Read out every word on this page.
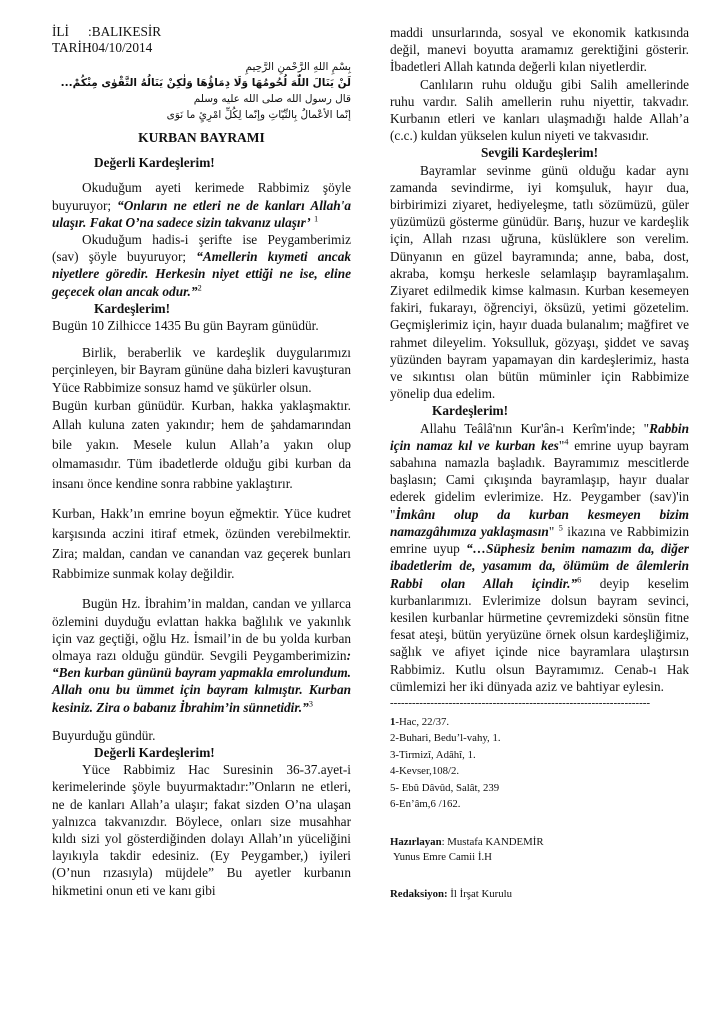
İLİ :BALIKESİR
TARİH:04/10/2014

بِسْمِ اللهِ الرَّحْمنِ الرَّحِيمِ

لَنْ يَنَالَ اللّٰهَ لُحُومُهَا وَلَا دِمَاؤُهَا وَلٰكِنْ يَنَالُهُ التَّقْوٰى مِنْكُمْ...

قال رسول الله صلى الله عليه وسلم

إنّما الأعْمالُ بِالنِّيّاتِ وإنّما لِكُلِّ امْرِئٍ ما نَوَى

KURBAN BAYRAMI

Değerli Kardeşlerim!

Okuduğum ayeti kerimede Rabbimiz şöyle buyuruyor; “Onların ne etleri ne de kanları Allah'a ulaşır. Fakat O’na sadece sizin takvanız ulaşır’ $^1$

Okuduğum hadis-i şerifte ise Peygamberimiz (sav) şöyle buyuruyor; “Amellerin kıymeti ancak niyetlere göredir. Herkesin niyet ettiği ne ise, eline geçecek olan ancak odur.”$^2$

Kardeşlerim!

Bugün 10 Zilhicce 1435 Bu gün Bayram günüdür.

Birlik, beraberlik ve kardeşlik duygularımızı perçinleyen, bir Bayram gününe daha bizleri kavuşturan Yüce Rabbimize sonsuz hamd ve şükürler olsun.

Bugün kurban günüdür. Kurban, hakka yaklaşmaktır. Allah kuluna zaten yakındır; hem de şahdamarından bile yakın. Mesele kulun Allah’a yakın olup olmamasıdır. Tüm ibadetlerde olduğu gibi kurban da insanı önce kendine sonra rabbine yaklaştırır.

Kurban, Hakk’ın emrine boyun eğmektir. Yüce kudret karşısında aczini itiraf etmek, özünden verebilmektir. Zira; maldan, candan ve canandan vaz geçerek bunları Rabbimize sunmak kolay değildir.

Bugün Hz. İbrahim’in maldan, candan ve yıllarca özlemini duyduğu evlattan hakka bağlılık ve yakınlık için vaz geçtiği, oğlu Hz. İsmail’in de bu yolda kurban olmaya razı olduğu gündür. Sevgili Peygamberimizin: “Ben kurban gününü bayram yapmakla emrolundum. Allah onu bu ümmet için bayram kılmıştır. Kurban kesiniz. Zira o babanız İbrahim’in sünnetidir.”$^3$

Buyurduğu gündür.

Değerli Kardeşlerim!

Yüce Rabbimiz Hac Suresinin 36-37.ayet-i kerimelerinde şöyle buyurmaktadır:”Onların ne etleri, ne de kanları Allah’a ulaşır; fakat sizden O’na ulaşan yalnızca takvanızdır. Böylece, onları size musahhar kıldı sizi yol gösterdiğinden dolayı Allah’ın yüceliğini layıkıyla takdir edesiniz. (Ey Peygamber,) iyileri (O’nun rızasıyla) müjdele” Bu ayetler kurbanın hikmetini onun eti ve kanı gibi

maddi unsurlarında, sosyal ve ekonomik katkısında değil, manevi boyutta aramamız gerektiğini gösterir. İbadetleri Allah katında değerli kılan niyetlerdir.

Canlıların ruhu olduğu gibi Salih amellerinde ruhu vardır. Salih amellerin ruhu niyettir, takvadır. Kurbanın etleri ve kanları ulaşmadığı halde Allah’a (c.c.) kuldan yükselen kulun niyeti ve takvasıdır.

Sevgili Kardeşlerim!

Bayramlar sevinme günü olduğu kadar aynı zamanda sevindirme, iyi komşuluk, hayır dua, birbirimizi ziyaret, hediyeleşme, tatlı sözümüzü, güler yüzümüzü gösterme günüdür. Barış, huzur ve kardeşlik için, Allah rızası uğruna, küslüklere son verelim. Dünyanın en güzel bayramında; anne, baba, dost, akraba, komşu herkesle selamlaşıp bayramlaşalım. Ziyaret edilmedik kimse kalmasın. Kurban kesemeyen fakiri, fukarayı, öğrenciyi, öksüzü, yetimi gözetelim. Geçmişlerimiz için, hayır duada bulanalım; mağfiret ve rahmet dileyelim. Yoksulluk, gözyaşı, şiddet ve savaş yüzünden bayram yapamayan din kardeşlerimiz, hasta ve sıkıntısı olan bütün müminler için Rabbimize yönelip dua edelim.

Kardeşlerim!

Allahu Teâlâ'nın Kur'ân-ı Kerîm'inde; "Rabbin için namaz kıl ve kurban kes"$^4$ emrine uyup bayram sabahına namazla başladık. Bayramımız mescitlerde başlasın; Cami çıkışında bayramlaşıp, hayır dualar ederek gidelim evlerimize. Hz. Peygamber (sav)'in "İmkânı olup da kurban kesmeyen bizim namazgâhımıza yaklaşmasın" $^5$ ikazına ve Rabbimizin emrine uyup “…Süphesiz benim namazım da, diğer ibadetlerim de, yasamım da, ölümüm de âlemlerin Rabbi olan Allah içindir.”$^6$ deyip keselim kurbanlarımızı. Evlerimize dolsun bayram sevinci, kesilen kurbanlar hürmetine çevremizdeki sönsün fitne fesat ateşi, bütün yeryüzüne örnek olsun kardeşliğimiz, sağlık ve afiyet içinde nice bayramlara ulaştırsın Rabbimiz. Kutlu olsun Bayramımız. Cenab-ı Hak cümlemizi her iki dünyada aziz ve bahtiyar eylesin.

-----------------------------------------------------------------------

1-Hac, 22/37.

2-Buhari, Bedu’l-vahy, 1.

3-Tirmizî, Adâhî, 1.

4-Kevser,108/2.

5- Ebû Dâvûd, Salât, 239

6-En’âm,6 /162.

Hazırlayan: Mustafa KANDEMİR

Yunus Emre Camii İ.H

Redaksiyon: İl İrşat Kurulu
